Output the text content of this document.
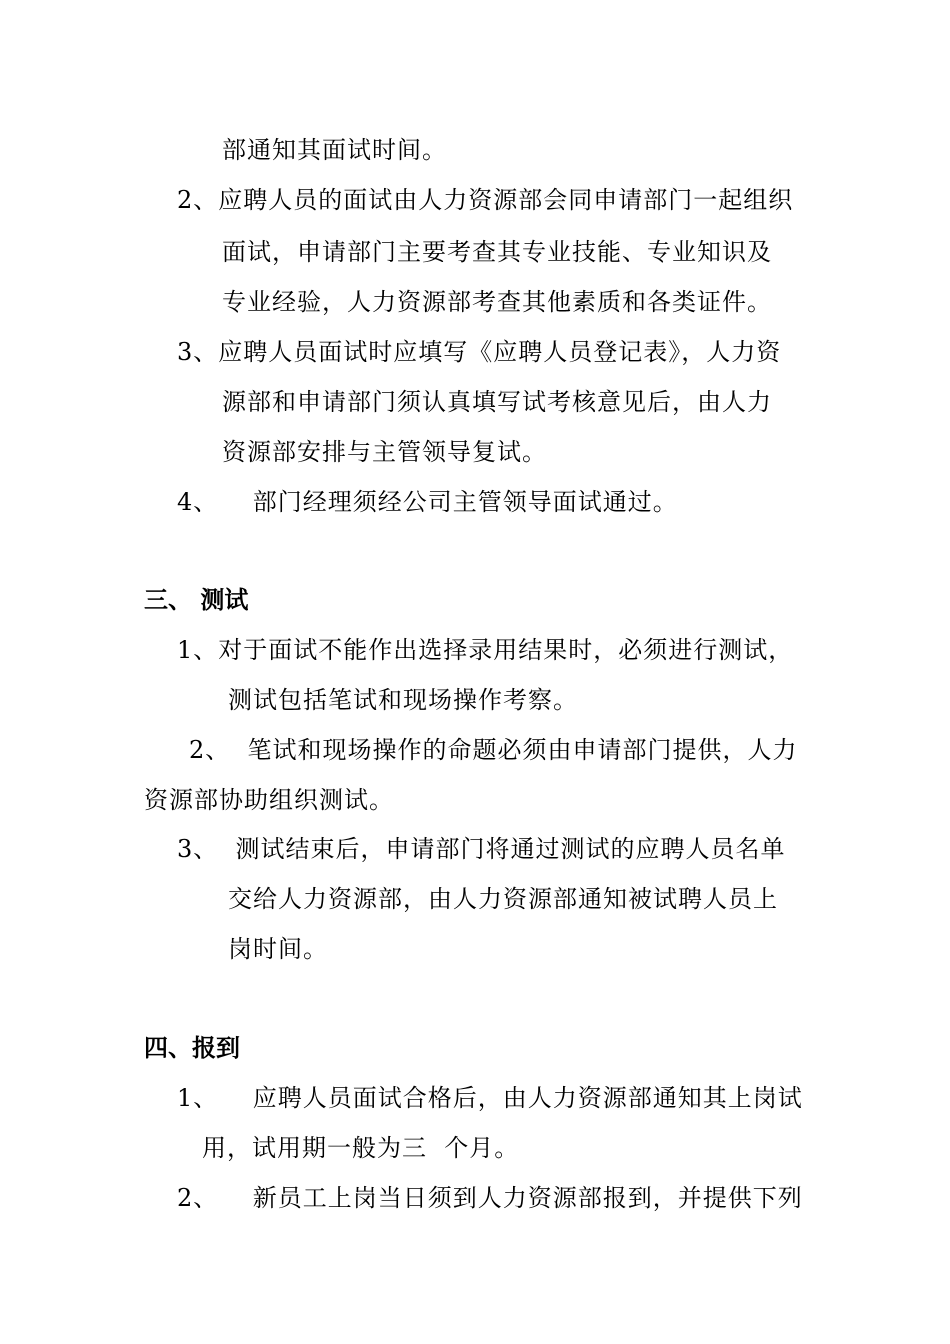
部通知其面试时间。
2、应聘人员的面试由人力资源部会同申请部门一起组织
面试，申请部门主要考查其专业技能、专业知识及
专业经验，人力资源部考查其他素质和各类证件。
3、应聘人员面试时应填写《应聘人员登记表》，人力资
源部和申请部门须认真填写试考核意见后，由人力
资源部安排与主管领导复试。
4、    部门经理须经公司主管领导面试通过。
三、 测试
1、对于面试不能作出选择录用结果时，必须进行测试，
测试包括笔试和现场操作考察。
2、  笔试和现场操作的命题必须由申请部门提供，人力
资源部协助组织测试。
3、  测试结束后，申请部门将通过测试的应聘人员名单
交给人力资源部，由人力资源部通知被试聘人员上
岗时间。
四、报到
1、    应聘人员面试合格后，由人力资源部通知其上岗试
用，试用期一般为三  个月。
2、    新员工上岗当日须到人力资源部报到，并提供下列
